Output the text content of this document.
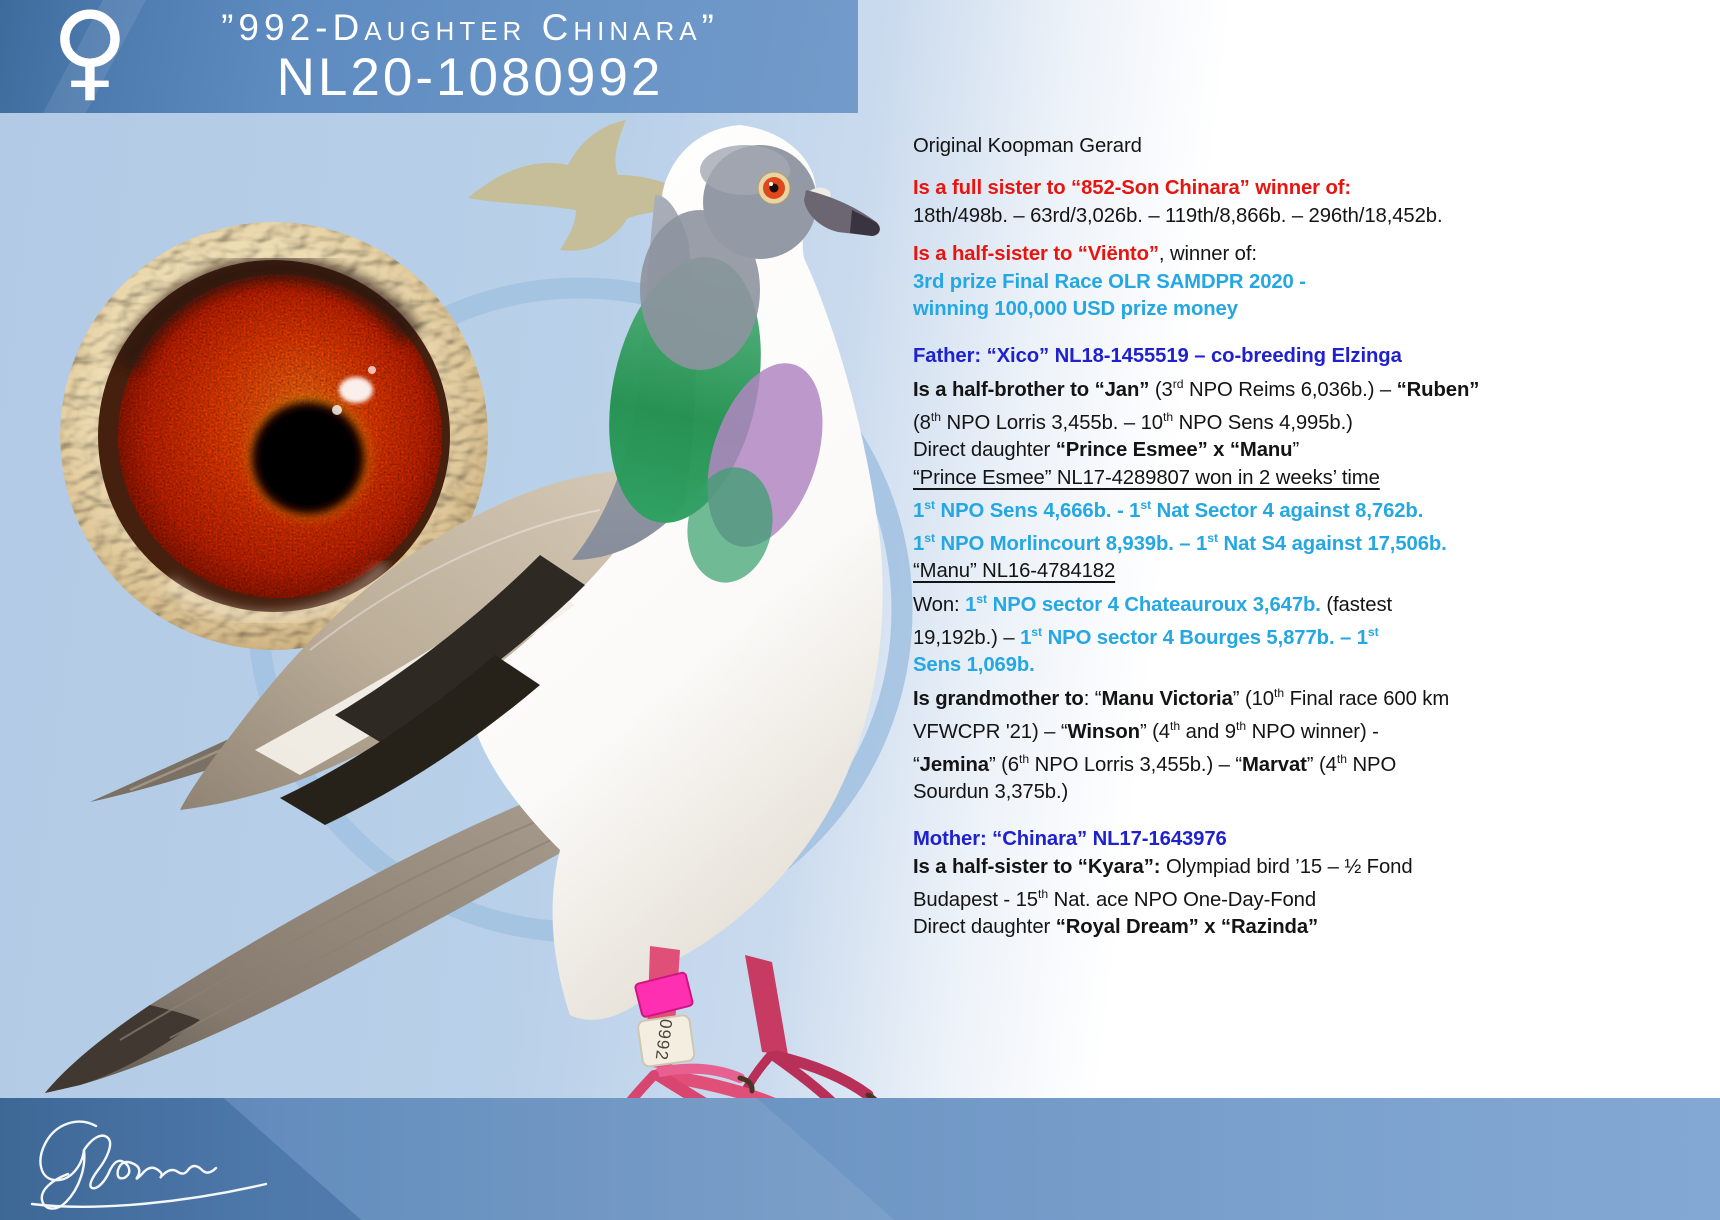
0992
♀	”992-Daughter Chinara”
NL20-1080992
Original Koopman Gerard
Is a full sister to “852-Son Chinara” winner of:
18th/498b. – 63rd/3,026b. – 119th/8,866b. – 296th/18,452b.
Is a half-sister to “Viënto”, winner of:
3rd prize Final Race OLR SAMDPR 2020 -
winning 100,000 USD prize money
Father: “Xico” NL18-1455519 – co-breeding Elzinga
Is a half-brother to “Jan” (3rd NPO Reims 6,036b.) – “Ruben”
(8th NPO Lorris 3,455b. – 10th NPO Sens 4,995b.)
Direct daughter “Prince Esmee” x “Manu”
“Prince Esmee” NL17-4289807 won in 2 weeks’ time
1st NPO Sens 4,666b. - 1st Nat Sector 4 against 8,762b.
1st NPO Morlincourt 8,939b. – 1st Nat S4 against 17,506b.
“Manu” NL16-4784182
Won: 1st NPO sector 4 Chateauroux 3,647b. (fastest
19,192b.) – 1st NPO sector 4 Bourges 5,877b. – 1st
Sens 1,069b.
Is grandmother to: “Manu Victoria” (10th Final race 600 km
VFWCPR '21) – “Winson” (4th and 9th NPO winner) -
“Jemina” (6th NPO Lorris 3,455b.) – “Marvat” (4th NPO
Sourdun 3,375b.)
Mother: “Chinara” NL17-1643976
Is a half-sister to “Kyara”: Olympiad bird ’15 – ½ Fond
Budapest - 15th Nat. ace NPO One-Day-Fond
Direct daughter “Royal Dream” x “Razinda”
